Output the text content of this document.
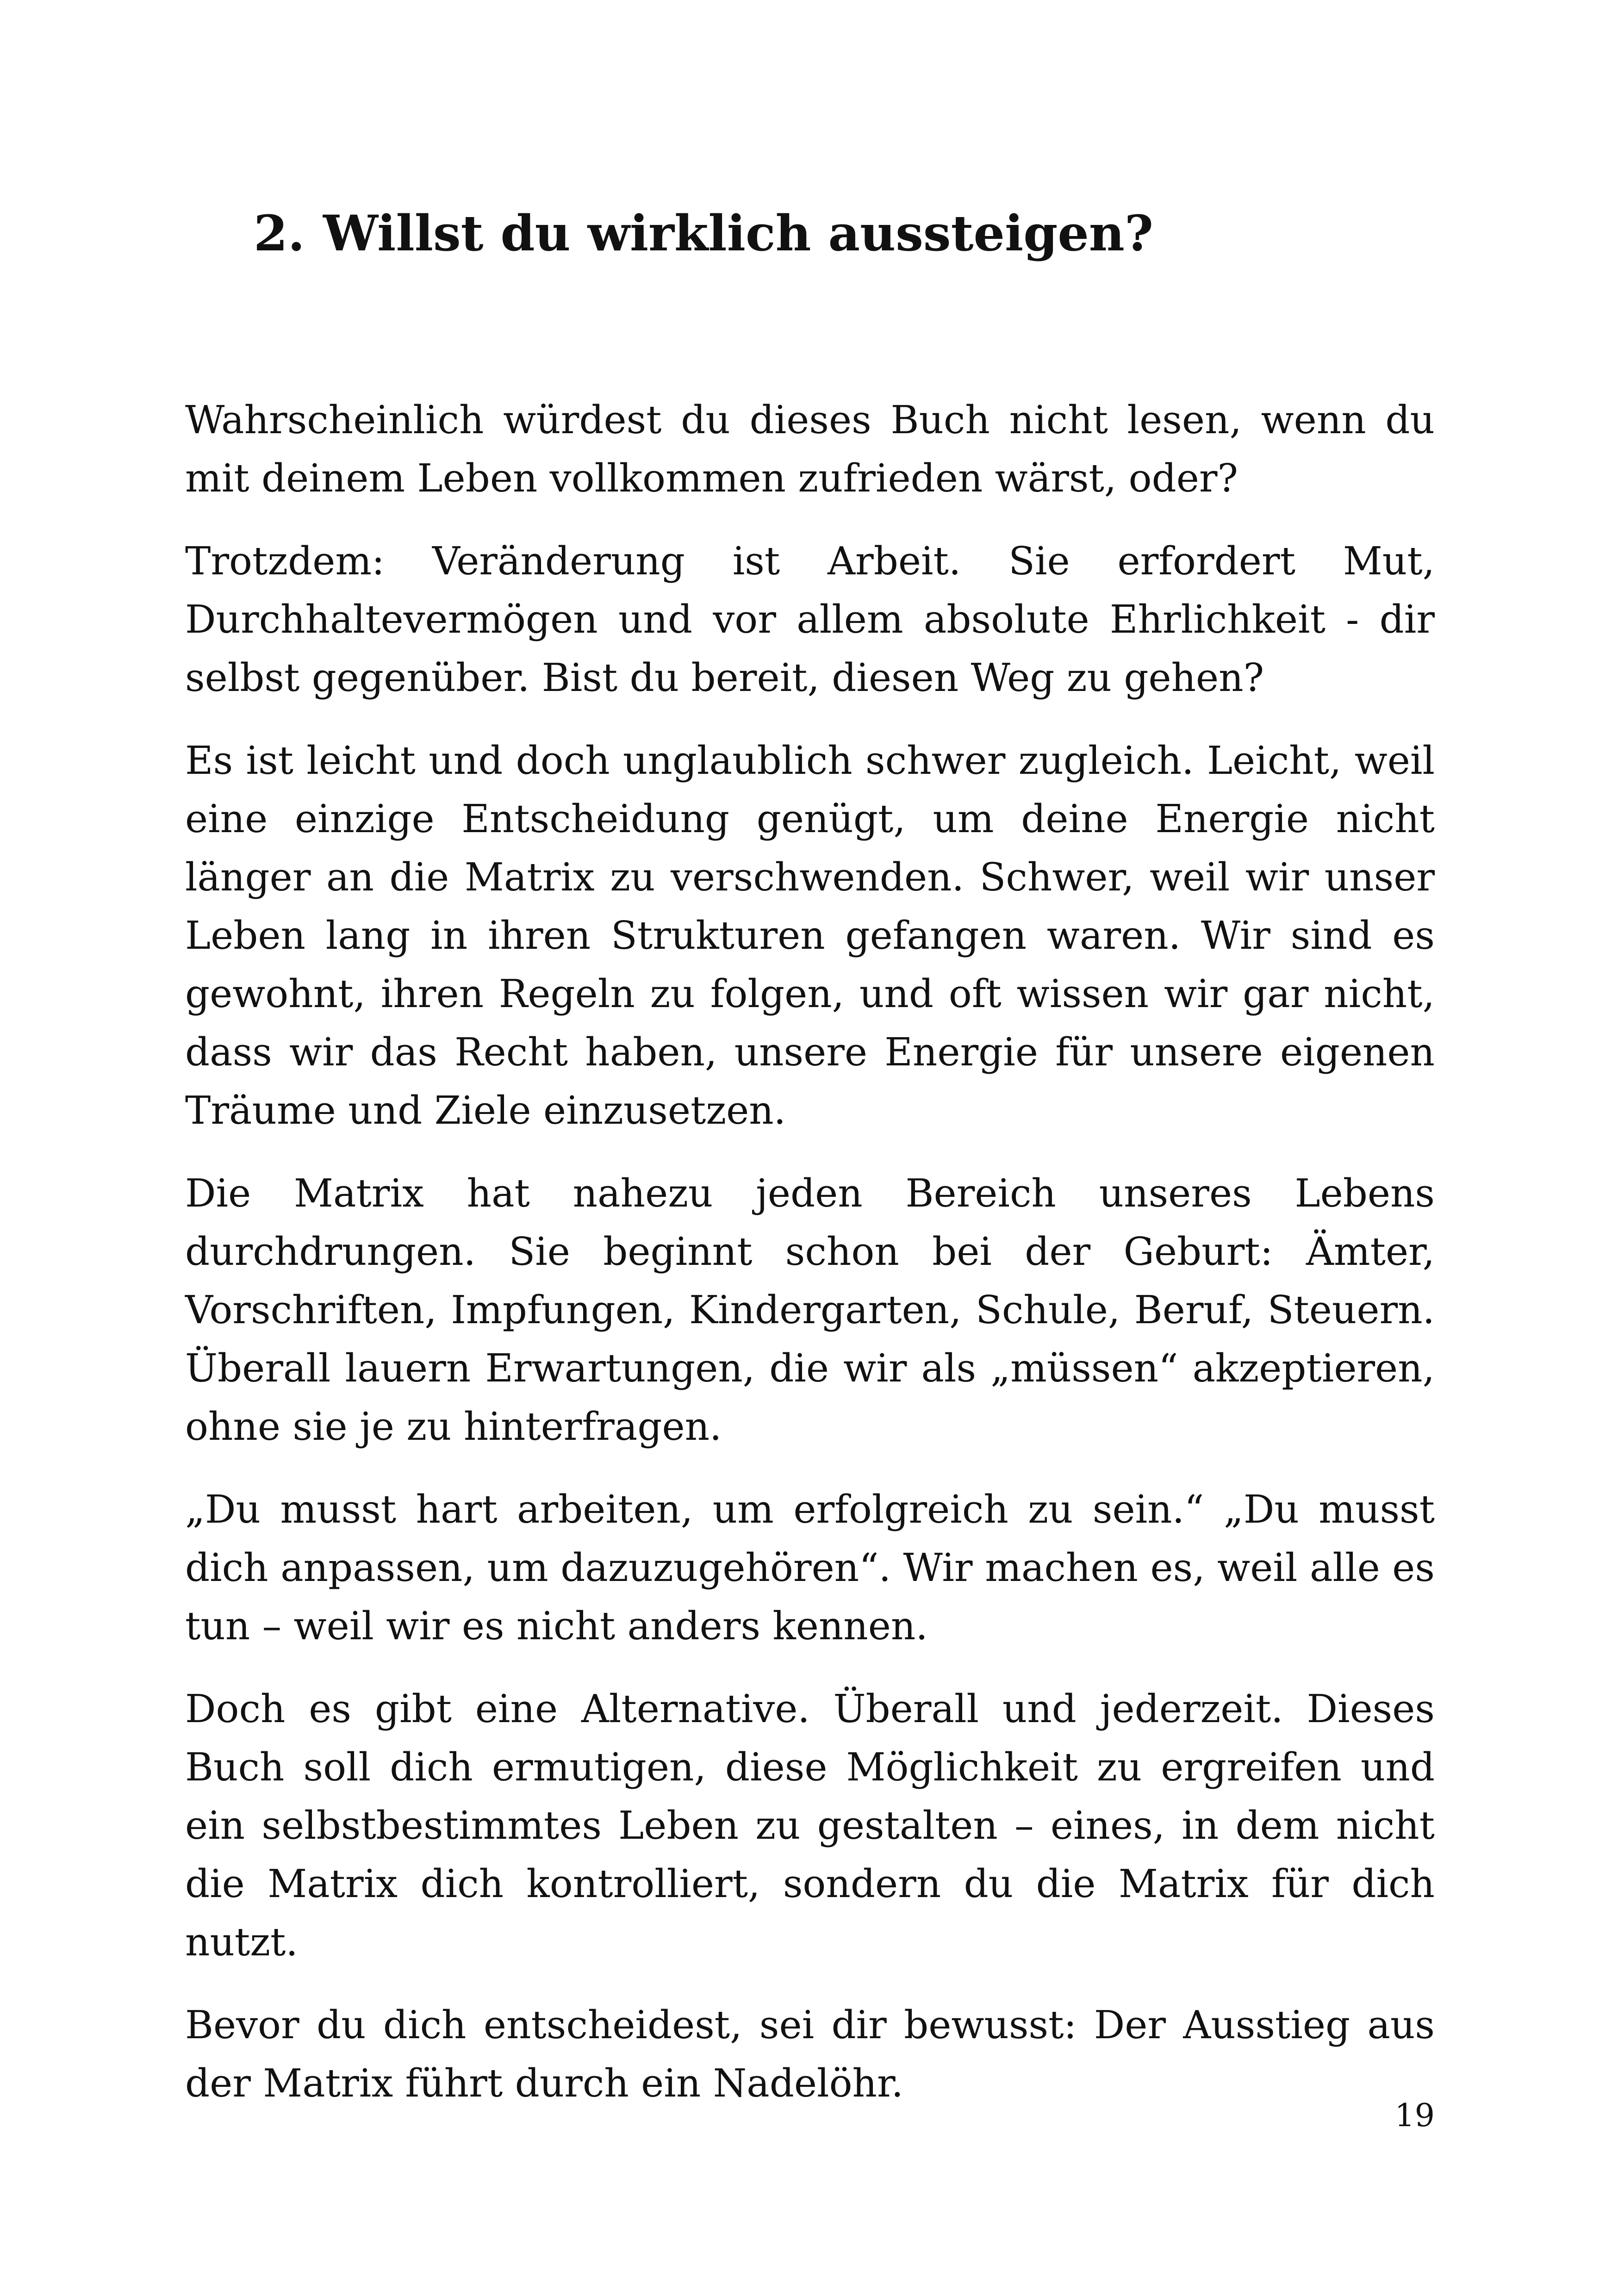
2. Willst du wirklich aussteigen?

Wahrscheinlich würdest du dieses Buch nicht lesen, wenn du mit deinem Leben vollkommen zufrieden wärst, oder?

Trotzdem: Veränderung ist Arbeit. Sie erfordert Mut, Durchhaltevermögen und vor allem absolute Ehrlichkeit - dir selbst gegenüber. Bist du bereit, diesen Weg zu gehen?

Es ist leicht und doch unglaublich schwer zugleich. Leicht, weil eine einzige Entscheidung genügt, um deine Energie nicht länger an die Matrix zu verschwenden. Schwer, weil wir unser Leben lang in ihren Strukturen gefangen waren. Wir sind es gewohnt, ihren Regeln zu folgen, und oft wissen wir gar nicht, dass wir das Recht haben, unsere Energie für unsere eigenen Träume und Ziele einzusetzen.

Die Matrix hat nahezu jeden Bereich unseres Lebens durchdrungen. Sie beginnt schon bei der Geburt: Ämter, Vorschriften, Impfungen, Kindergarten, Schule, Beruf, Steuern. Überall lauern Erwartungen, die wir als „müssen“ akzeptieren, ohne sie je zu hinterfragen.

„Du musst hart arbeiten, um erfolgreich zu sein.“ „Du musst dich anpassen, um dazuzugehören“. Wir machen es, weil alle es tun – weil wir es nicht anders kennen.

Doch es gibt eine Alternative. Überall und jederzeit. Dieses Buch soll dich ermutigen, diese Möglichkeit zu ergreifen und ein selbstbestimmtes Leben zu gestalten – eines, in dem nicht die Matrix dich kontrolliert, sondern du die Matrix für dich nutzt.

Bevor du dich entscheidest, sei dir bewusst: Der Ausstieg aus der Matrix führt durch ein Nadelöhr.

19
